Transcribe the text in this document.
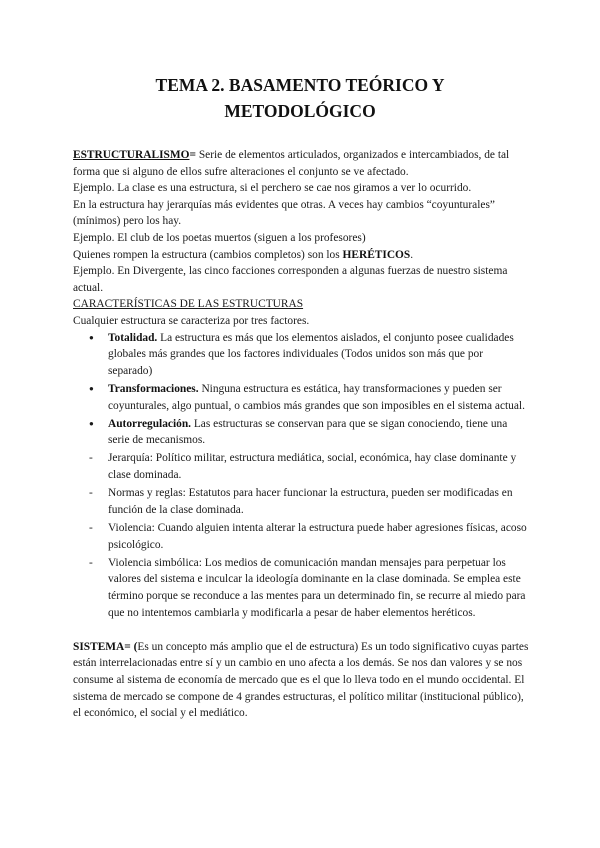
TEMA 2. BASAMENTO TEÓRICO Y
METODOLÓGICO

ESTRUCTURALISMO= Serie de elementos articulados, organizados e intercambiados, de tal forma que si alguno de ellos sufre alteraciones el conjunto se ve afectado.

Ejemplo. La clase es una estructura, si el perchero se cae nos giramos a ver lo ocurrido.

En la estructura hay jerarquías más evidentes que otras. A veces hay cambios “coyunturales” (mínimos) pero los hay.

Ejemplo. El club de los poetas muertos (siguen a los profesores)

Quienes rompen la estructura (cambios completos) son los HERÉTICOS.

Ejemplo. En Divergente, las cinco facciones corresponden a algunas fuerzas de nuestro sistema actual.

CARACTERÍSTICAS DE LAS ESTRUCTURAS

Cualquier estructura se caracteriza por tres factores.

● Totalidad. La estructura es más que los elementos aislados, el conjunto posee cualidades globales más grandes que los factores individuales (Todos unidos son más que por separado)
● Transformaciones. Ninguna estructura es estática, hay transformaciones y pueden ser coyunturales, algo puntual, o cambios más grandes que son imposibles en el sistema actual.
● Autorregulación. Las estructuras se conservan para que se sigan conociendo, tiene una serie de mecanismos.
- Jerarquía: Político militar, estructura mediática, social, económica, hay clase dominante y clase dominada.
- Normas y reglas: Estatutos para hacer funcionar la estructura, pueden ser modificadas en función de la clase dominada.
- Violencia: Cuando alguien intenta alterar la estructura puede haber agresiones físicas, acoso psicológico.
- Violencia simbólica: Los medios de comunicación mandan mensajes para perpetuar los valores del sistema e inculcar la ideología dominante en la clase dominada. Se emplea este término porque se reconduce a las mentes para un determinado fin, se recurre al miedo para que no intentemos cambiarla y modificarla a pesar de haber elementos heréticos.

SISTEMA= (Es un concepto más amplio que el de estructura) Es un todo significativo cuyas partes están interrelacionadas entre sí y un cambio en uno afecta a los demás. Se nos dan valores y se nos consume al sistema de economía de mercado que es el que lo lleva todo en el mundo occidental. El sistema de mercado se compone de 4 grandes estructuras, el político militar (institucional público), el económico, el social y el mediático.
